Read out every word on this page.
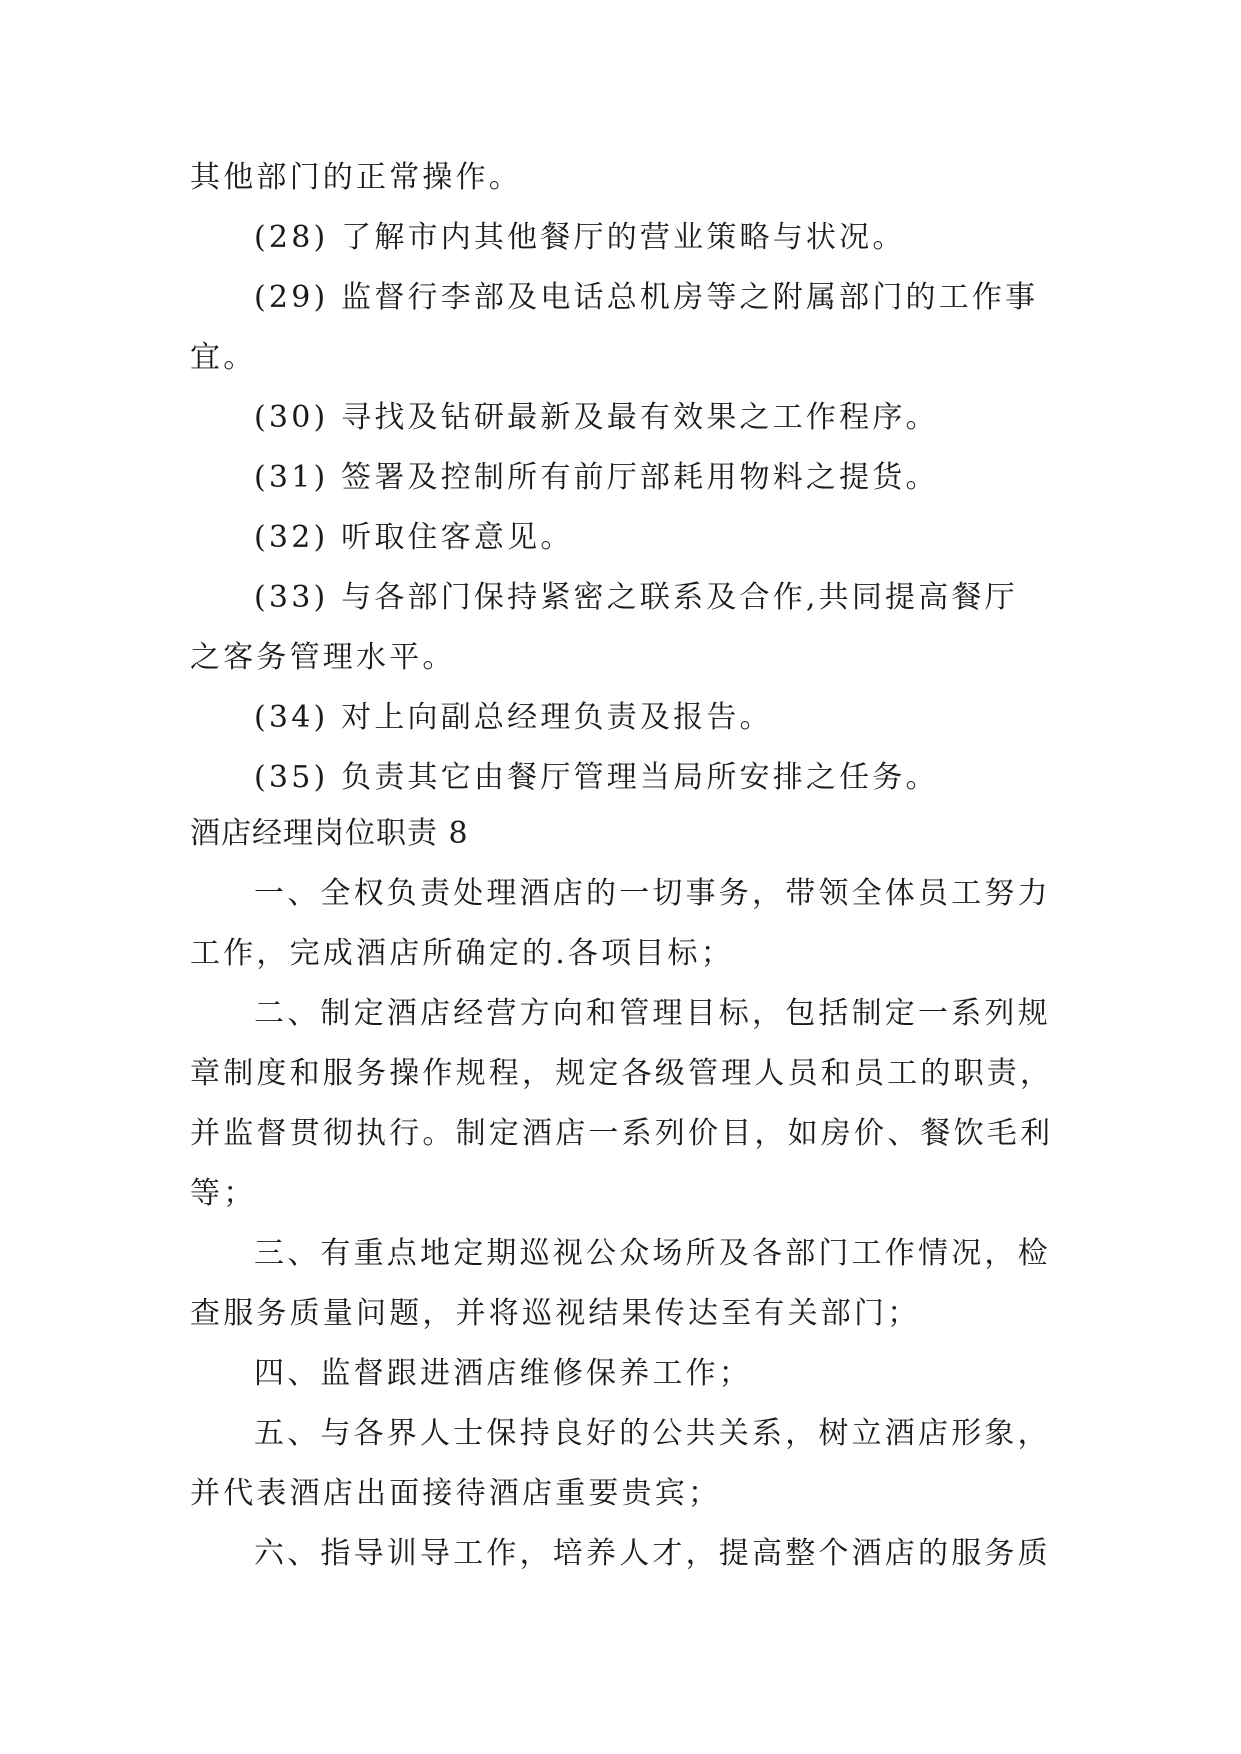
其他部门的正常操作。
(28) 了解市内其他餐厅的营业策略与状况。
(29) 监督行李部及电话总机房等之附属部门的工作事
宜。
(30) 寻找及钻研最新及最有效果之工作程序。
(31) 签署及控制所有前厅部耗用物料之提货。
(32) 听取住客意见。
(33) 与各部门保持紧密之联系及合作,共同提高餐厅
之客务管理水平。
(34) 对上向副总经理负责及报告。
(35) 负责其它由餐厅管理当局所安排之任务。
酒店经理岗位职责 8
一、全权负责处理酒店的一切事务，带领全体员工努力
工作，完成酒店所确定的.各项目标；
二、制定酒店经营方向和管理目标，包括制定一系列规
章制度和服务操作规程，规定各级管理人员和员工的职责，
并监督贯彻执行。制定酒店一系列价目，如房价、餐饮毛利
等；
三、有重点地定期巡视公众场所及各部门工作情况，检
查服务质量问题，并将巡视结果传达至有关部门；
四、监督跟进酒店维修保养工作；
五、与各界人士保持良好的公共关系，树立酒店形象，
并代表酒店出面接待酒店重要贵宾；
六、指导训导工作，培养人才，提高整个酒店的服务质
